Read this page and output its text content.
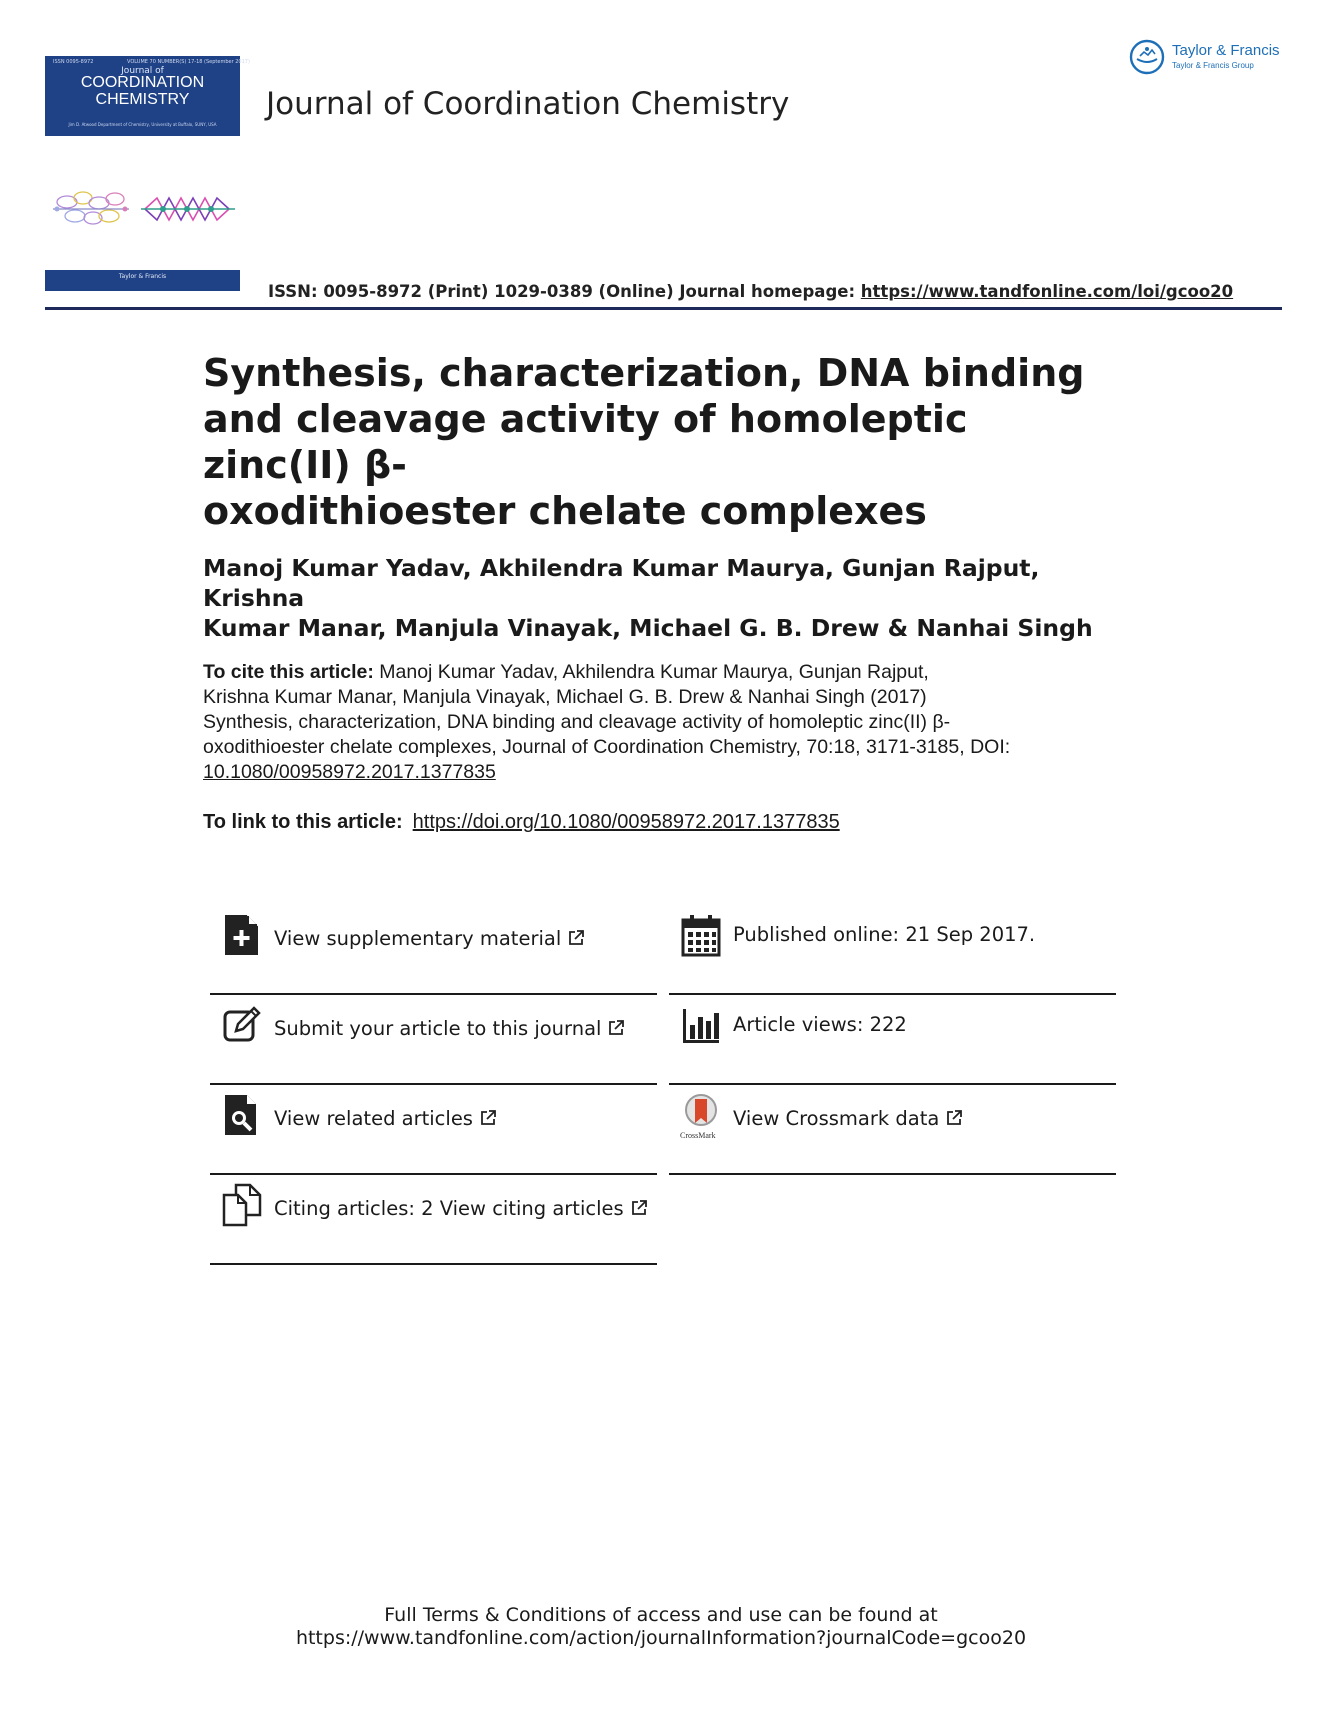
ISSN 0095-8972	VOLUME 70 NUMBER(S) 17-18 (September 2017)
Journal of
COORDINATION
CHEMISTRY
Jim D. Atwood Department of Chemistry, University at Buffalo, SUNY, USA
Taylor & Francis
Journal of Coordination Chemistry
Taylor & Francis
Taylor & Francis Group
ISSN: 0095-8972 (Print) 1029-0389 (Online) Journal homepage: https://www.tandfonline.com/loi/gcoo20
Synthesis, characterization, DNA binding
and cleavage activity of homoleptic zinc(II) β-
oxodithioester chelate complexes
Manoj Kumar Yadav, Akhilendra Kumar Maurya, Gunjan Rajput, Krishna
Kumar Manar, Manjula Vinayak, Michael G. B. Drew & Nanhai Singh
To cite this article: Manoj Kumar Yadav, Akhilendra Kumar Maurya, Gunjan Rajput,
Krishna Kumar Manar, Manjula Vinayak, Michael G. B. Drew & Nanhai Singh (2017)
Synthesis, characterization, DNA binding and cleavage activity of homoleptic zinc(II) β-
oxodithioester chelate complexes, Journal of Coordination Chemistry, 70:18, 3171-3185, DOI:
10.1080/00958972.2017.1377835
To link to this article: https://doi.org/10.1080/00958972.2017.1377835
View supplementary material	Published online: 21 Sep 2017.
Submit your article to this journal	Article views: 222
View related articles
CrossMark
View Crossmark data
Citing articles: 2 View citing articles
Full Terms & Conditions of access and use can be found at
https://www.tandfonline.com/action/journalInformation?journalCode=gcoo20
